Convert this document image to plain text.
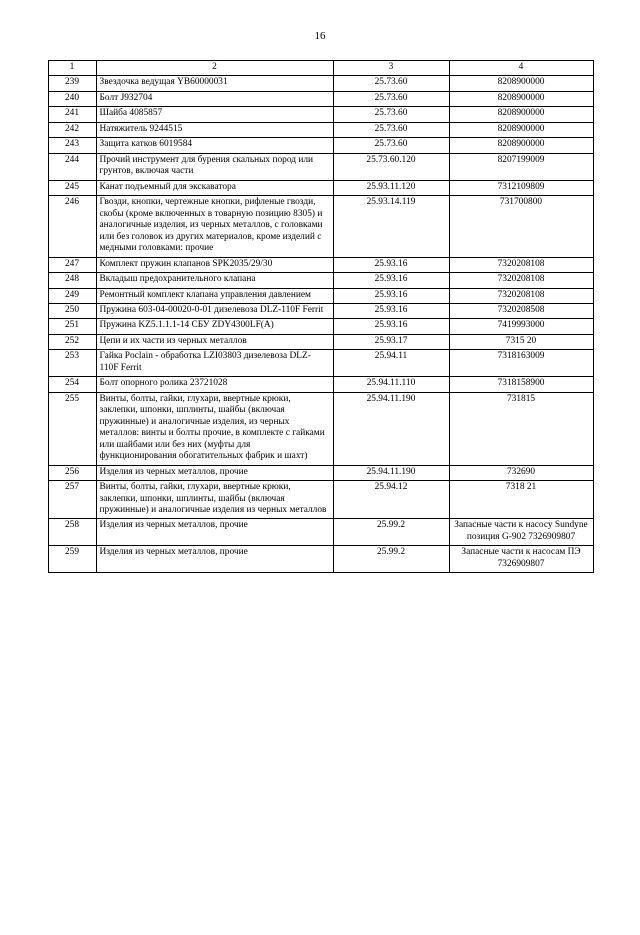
16
1	2	3	4
239	Звездочка ведущая YB60000031	25.73.60	8208900000
240	Болт J932704	25.73.60	8208900000
241	Шайба 4085857	25.73.60	8208900000
242	Натяжитель 9244515	25.73.60	8208900000
243	Защита катков 6019584	25.73.60	8208900000
244	Прочий инструмент для бурения скальных пород или грунтов, включая части	25.73.60.120	8207199009
245	Канат подъемный для экскаватора	25.93.11.120	7312109809
246	Гвозди, кнопки, чертежные кнопки, рифленые гвозди, скобы (кроме включенных в товарную позицию 8305) и аналогичные изделия, из черных металлов, с головками или без головок из других материалов, кроме изделий с медными головками: прочие	25.93.14.119	731700800
247	Комплект пружин клапанов SPK2035/29/30	25.93.16	7320208108
248	Вкладыш предохранительного клапана	25.93.16	7320208108
249	Ремонтный комплект клапана управления давлением	25.93.16	7320208108
250	Пружина 603-04-00020-0-01 дизелевоза DLZ-110F Ferrit	25.93.16	7320208508
251	Пружина KZ5.1.1.1-14 СБУ ZDY4300LF(A)	25.93.16	7419993000
252	Цепи и их части из черных металлов	25.93.17	7315 20
253	Гайка Poclain - обработка LZI03803 дизелевоза DLZ-110F Ferrit	25.94.11	7318163009
254	Болт опорного ролика 23721028	25.94.11.110	7318158900
255	Винты, болты, гайки, глухари, ввертные крюки, заклепки, шпонки, шплинты, шайбы (включая пружинные) и аналогичные изделия, из черных металлов: винты и болты прочие, в комплекте с гайками или шайбами или без них (муфты для функционирования обогатительных фабрик и шахт)	25.94.11.190	731815
256	Изделия из черных металлов, прочие	25.94.11.190	732690
257	Винты, болты, гайки, глухари, ввертные крюки, заклепки, шпонки, шплинты, шайбы (включая пружинные) и аналогичные изделия из черных металлов	25.94.12	7318 21
258	Изделия из черных металлов, прочие	25.99.2	Запасные части к насосу Sundyne позиция G-902 7326909807
259	Изделия из черных металлов, прочие	25.99.2	Запасные части к насосам ПЭ 7326909807
